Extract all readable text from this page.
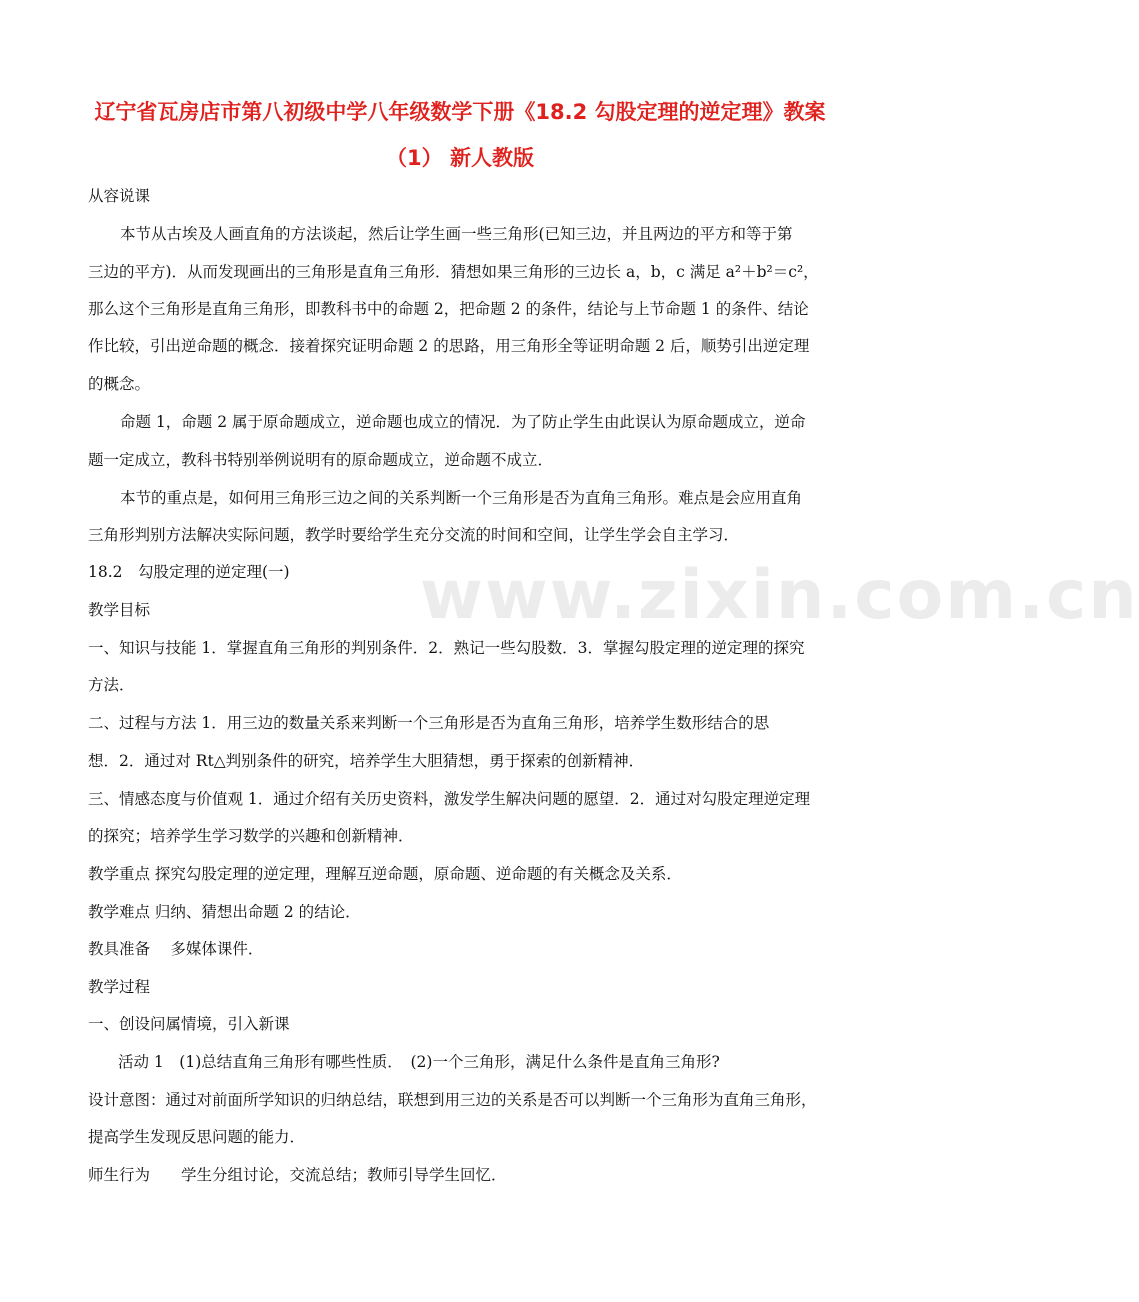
www.zixin.com.cn
辽宁省瓦房店市第八初级中学八年级数学下册《18.2 勾股定理的逆定理》教案
（1） 新人教版
从容说课
本节从古埃及人画直角的方法谈起，然后让学生画一些三角形(已知三边，并且两边的平方和等于第
三边的平方)．从而发现画出的三角形是直角三角形．猜想如果三角形的三边长 a，b，c 满足 a²＋b²＝c²，
那么这个三角形是直角三角形，即教科书中的命题 2，把命题 2 的条件，结论与上节命题 1 的条件、结论
作比较，引出逆命题的概念．接着探究证明命题 2 的思路，用三角形全等证明命题 2 后，顺势引出逆定理
的概念。
命题 1，命题 2 属于原命题成立，逆命题也成立的情况．为了防止学生由此误认为原命题成立，逆命
题一定成立，教科书特别举例说明有的原命题成立，逆命题不成立．
本节的重点是，如何用三角形三边之间的关系判断一个三角形是否为直角三角形。难点是会应用直角
三角形判别方法解决实际问题，教学时要给学生充分交流的时间和空间，让学生学会自主学习．
18.2　勾股定理的逆定理(一)
教学目标
一、知识与技能 1．掌握直角三角形的判别条件．2．熟记一些勾股数．3．掌握勾股定理的逆定理的探究
方法．
二、过程与方法 1．用三边的数量关系来判断一个三角形是否为直角三角形，培养学生数形结合的思
想．2．通过对 Rt△判别条件的研究，培养学生大胆猜想，勇于探索的创新精神．
三、情感态度与价值观 1．通过介绍有关历史资料，激发学生解决问题的愿望．2．通过对勾股定理逆定理
的探究；培养学生学习数学的兴趣和创新精神．
教学重点 探究勾股定理的逆定理，理解互逆命题，原命题、逆命题的有关概念及关系．
教学难点 归纳、猜想出命题 2 的结论．
教具准备　 多媒体课件．
教学过程
一、创设问属情境，引入新课
活动 1　(1)总结直角三角形有哪些性质．　(2)一个三角形，满足什么条件是直角三角形?
设计意图：通过对前面所学知识的归纳总结，联想到用三边的关系是否可以判断一个三角形为直角三角形，
提高学生发现反思问题的能力．
师生行为　　学生分组讨论，交流总结；教师引导学生回忆．
